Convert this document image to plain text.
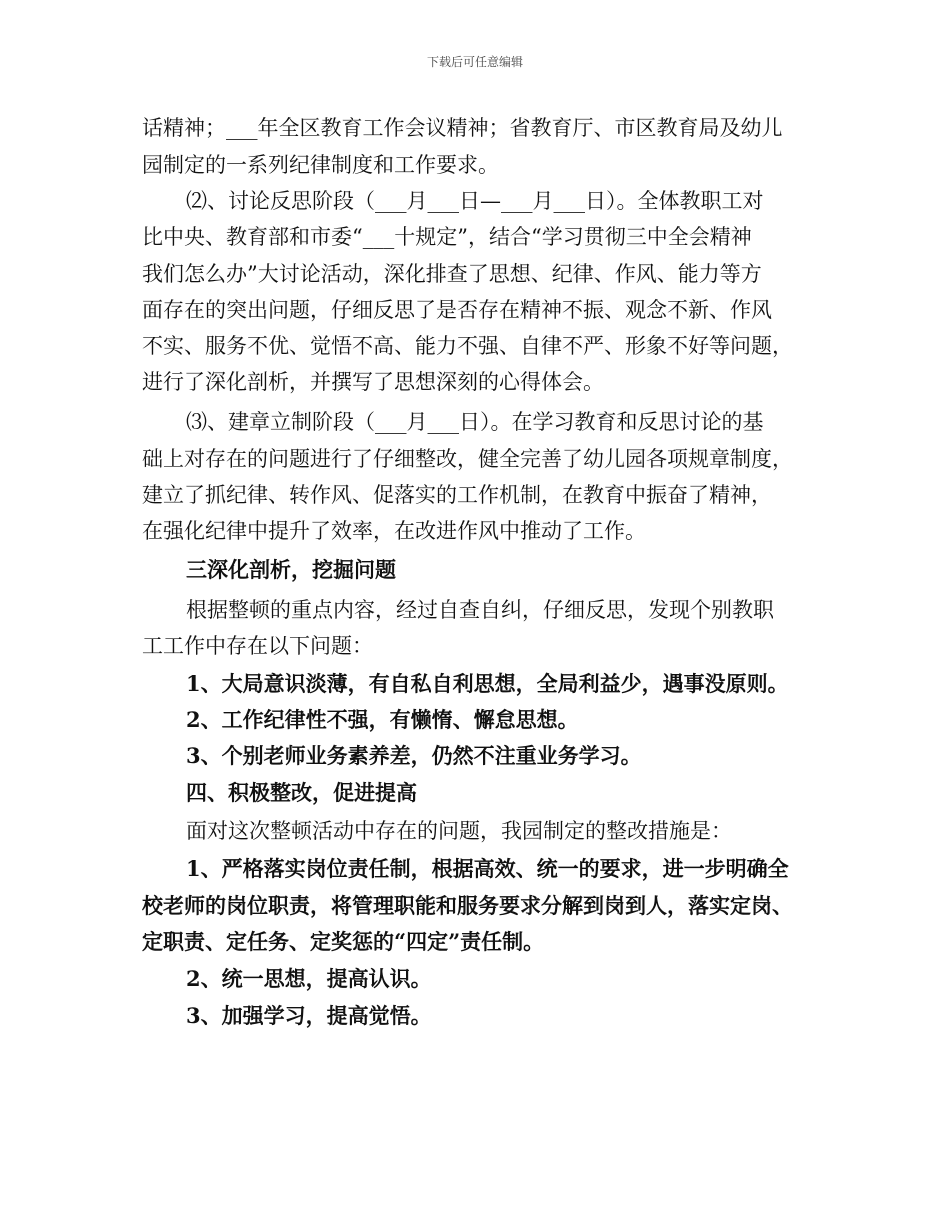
下载后可任意编辑
话精神；___年全区教育工作会议精神；省教育厅、市区教育局及幼儿
园制定的一系列纪律制度和工作要求。
⑵、讨论反思阶段（___月___日—___月___日）。全体教职工对
比中央、教育部和市委“___十规定”，结合“学习贯彻三中全会精神
我们怎么办”大讨论活动，深化排查了思想、纪律、作风、能力等方
面存在的突出问题，仔细反思了是否存在精神不振、观念不新、作风
不实、服务不优、觉悟不高、能力不强、自律不严、形象不好等问题，
进行了深化剖析，并撰写了思想深刻的心得体会。
⑶、建章立制阶段（___月___日）。在学习教育和反思讨论的基
础上对存在的问题进行了仔细整改，健全完善了幼儿园各项规章制度，
建立了抓纪律、转作风、促落实的工作机制，在教育中振奋了精神，
在强化纪律中提升了效率，在改进作风中推动了工作。
三深化剖析，挖掘问题
根据整顿的重点内容，经过自查自纠，仔细反思，发现个别教职
工工作中存在以下问题：
1、大局意识淡薄，有自私自利思想，全局利益少，遇事没原则。
2、工作纪律性不强，有懒惰、懈怠思想。
3、个别老师业务素养差，仍然不注重业务学习。
四、积极整改，促进提高
面对这次整顿活动中存在的问题，我园制定的整改措施是：
1、严格落实岗位责任制，根据高效、统一的要求，进一步明确全
校老师的岗位职责，将管理职能和服务要求分解到岗到人，落实定岗、
定职责、定任务、定奖惩的“四定”责任制。
2、统一思想，提高认识。
3、加强学习，提高觉悟。
